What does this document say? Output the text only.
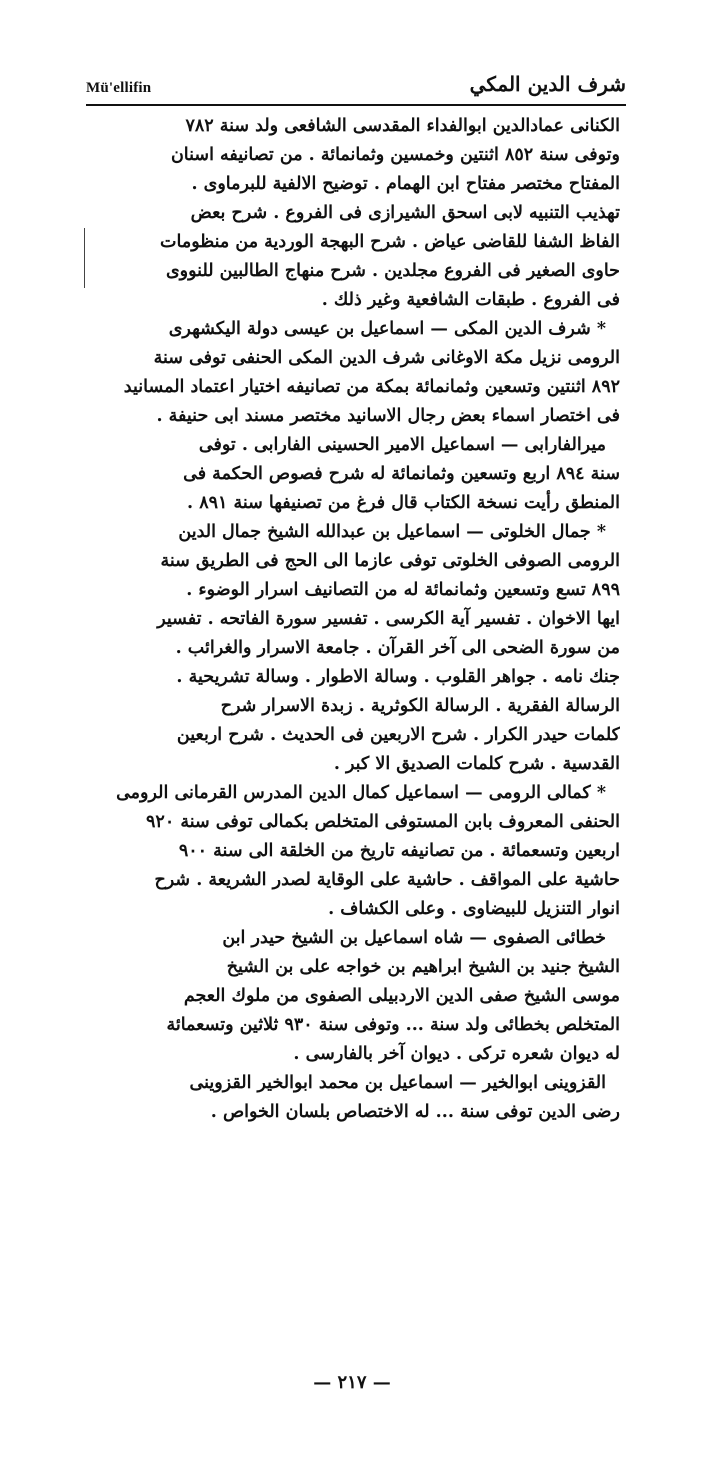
Mü'ellifin	شرف الدين المكي
الكنانى عمادالدين ابوالفداء المقدسى الشافعى ولد سنة ٧٨٢
وتوفى سنة ٨٥٢ اثنتين وخمسين وثمانمائة . من تصانيفه اسنان
المفتاح مختصر مفتاح ابن الهمام . توضيح الالفية للبرماوى .
تهذيب التنبيه لابى اسحق الشيرازى فى الفروع . شرح بعض
الفاظ الشفا للقاضى عياض . شرح البهجة الوردية من منظومات
حاوى الصغير فى الفروع مجلدين . شرح منهاج الطالبين للنووى
فى الفروع . طبقات الشافعية وغير ذلك .
* شرف الدين المكى — اسماعيل بن عيسى دولة اليكشهرى
الرومى نزيل مكة الاوغانى شرف الدين المكى الحنفى توفى سنة
٨٩٢ اثنتين وتسعين وثمانمائة بمكة من تصانيفه اختيار اعتماد المسانيد
فى اختصار اسماء بعض رجال الاسانيد مختصر مسند ابى حنيفة .
ميرالفارابى — اسماعيل الامير الحسينى الفارابى . توفى
سنة ٨٩٤ اربع وتسعين وثمانمائة له شرح فصوص الحكمة فى
المنطق رأيت نسخة الكتاب قال فرغ من تصنيفها سنة ٨٩١ .
* جمال الخلوتى — اسماعيل بن عبدالله الشيخ جمال الدين
الرومى الصوفى الخلوتى توفى عازما الى الحج فى الطريق سنة
٨٩٩ تسع وتسعين وثمانمائة له من التصانيف اسرار الوضوء .
ايها الاخوان . تفسير آية الكرسى . تفسير سورة الفاتحه . تفسير
من سورة الضحى الى آخر القرآن . جامعة الاسرار والغرائب .
جنك نامه . جواهر القلوب . وسالة الاطوار . وسالة تشريحية .
الرسالة الفقرية . الرسالة الكوثرية . زبدة الاسرار شرح
كلمات حيدر الكرار . شرح الاربعين فى الحديث . شرح اربعين
القدسية . شرح كلمات الصديق الا كبر .
* كمالى الرومى — اسماعيل كمال الدين المدرس القرمانى الرومى
الحنفى المعروف بابن المستوفى المتخلص بكمالى توفى سنة ٩٢٠
اربعين وتسعمائة . من تصانيفه تاريخ من الخلقة الى سنة ٩٠٠
حاشية على المواقف . حاشية على الوقاية لصدر الشريعة . شرح
انوار التنزيل للبيضاوى . وعلى الكشاف .
خطائى الصفوى — شاه اسماعيل بن الشيخ حيدر ابن
الشيخ جنيد بن الشيخ ابراهيم بن خواجه على بن الشيخ
موسى الشيخ صفى الدين الاردبيلى الصفوى من ملوك العجم
المتخلص بخطائى ولد سنة ... وتوفى سنة ٩٣٠ ثلاثين وتسعمائة
له ديوان شعره تركى . ديوان آخر بالفارسى .
القزوينى ابوالخير — اسماعيل بن محمد ابوالخير القزوينى
رضى الدين توفى سنة ... له الاختصاص بلسان الخواص .
— ٢١٧ —
